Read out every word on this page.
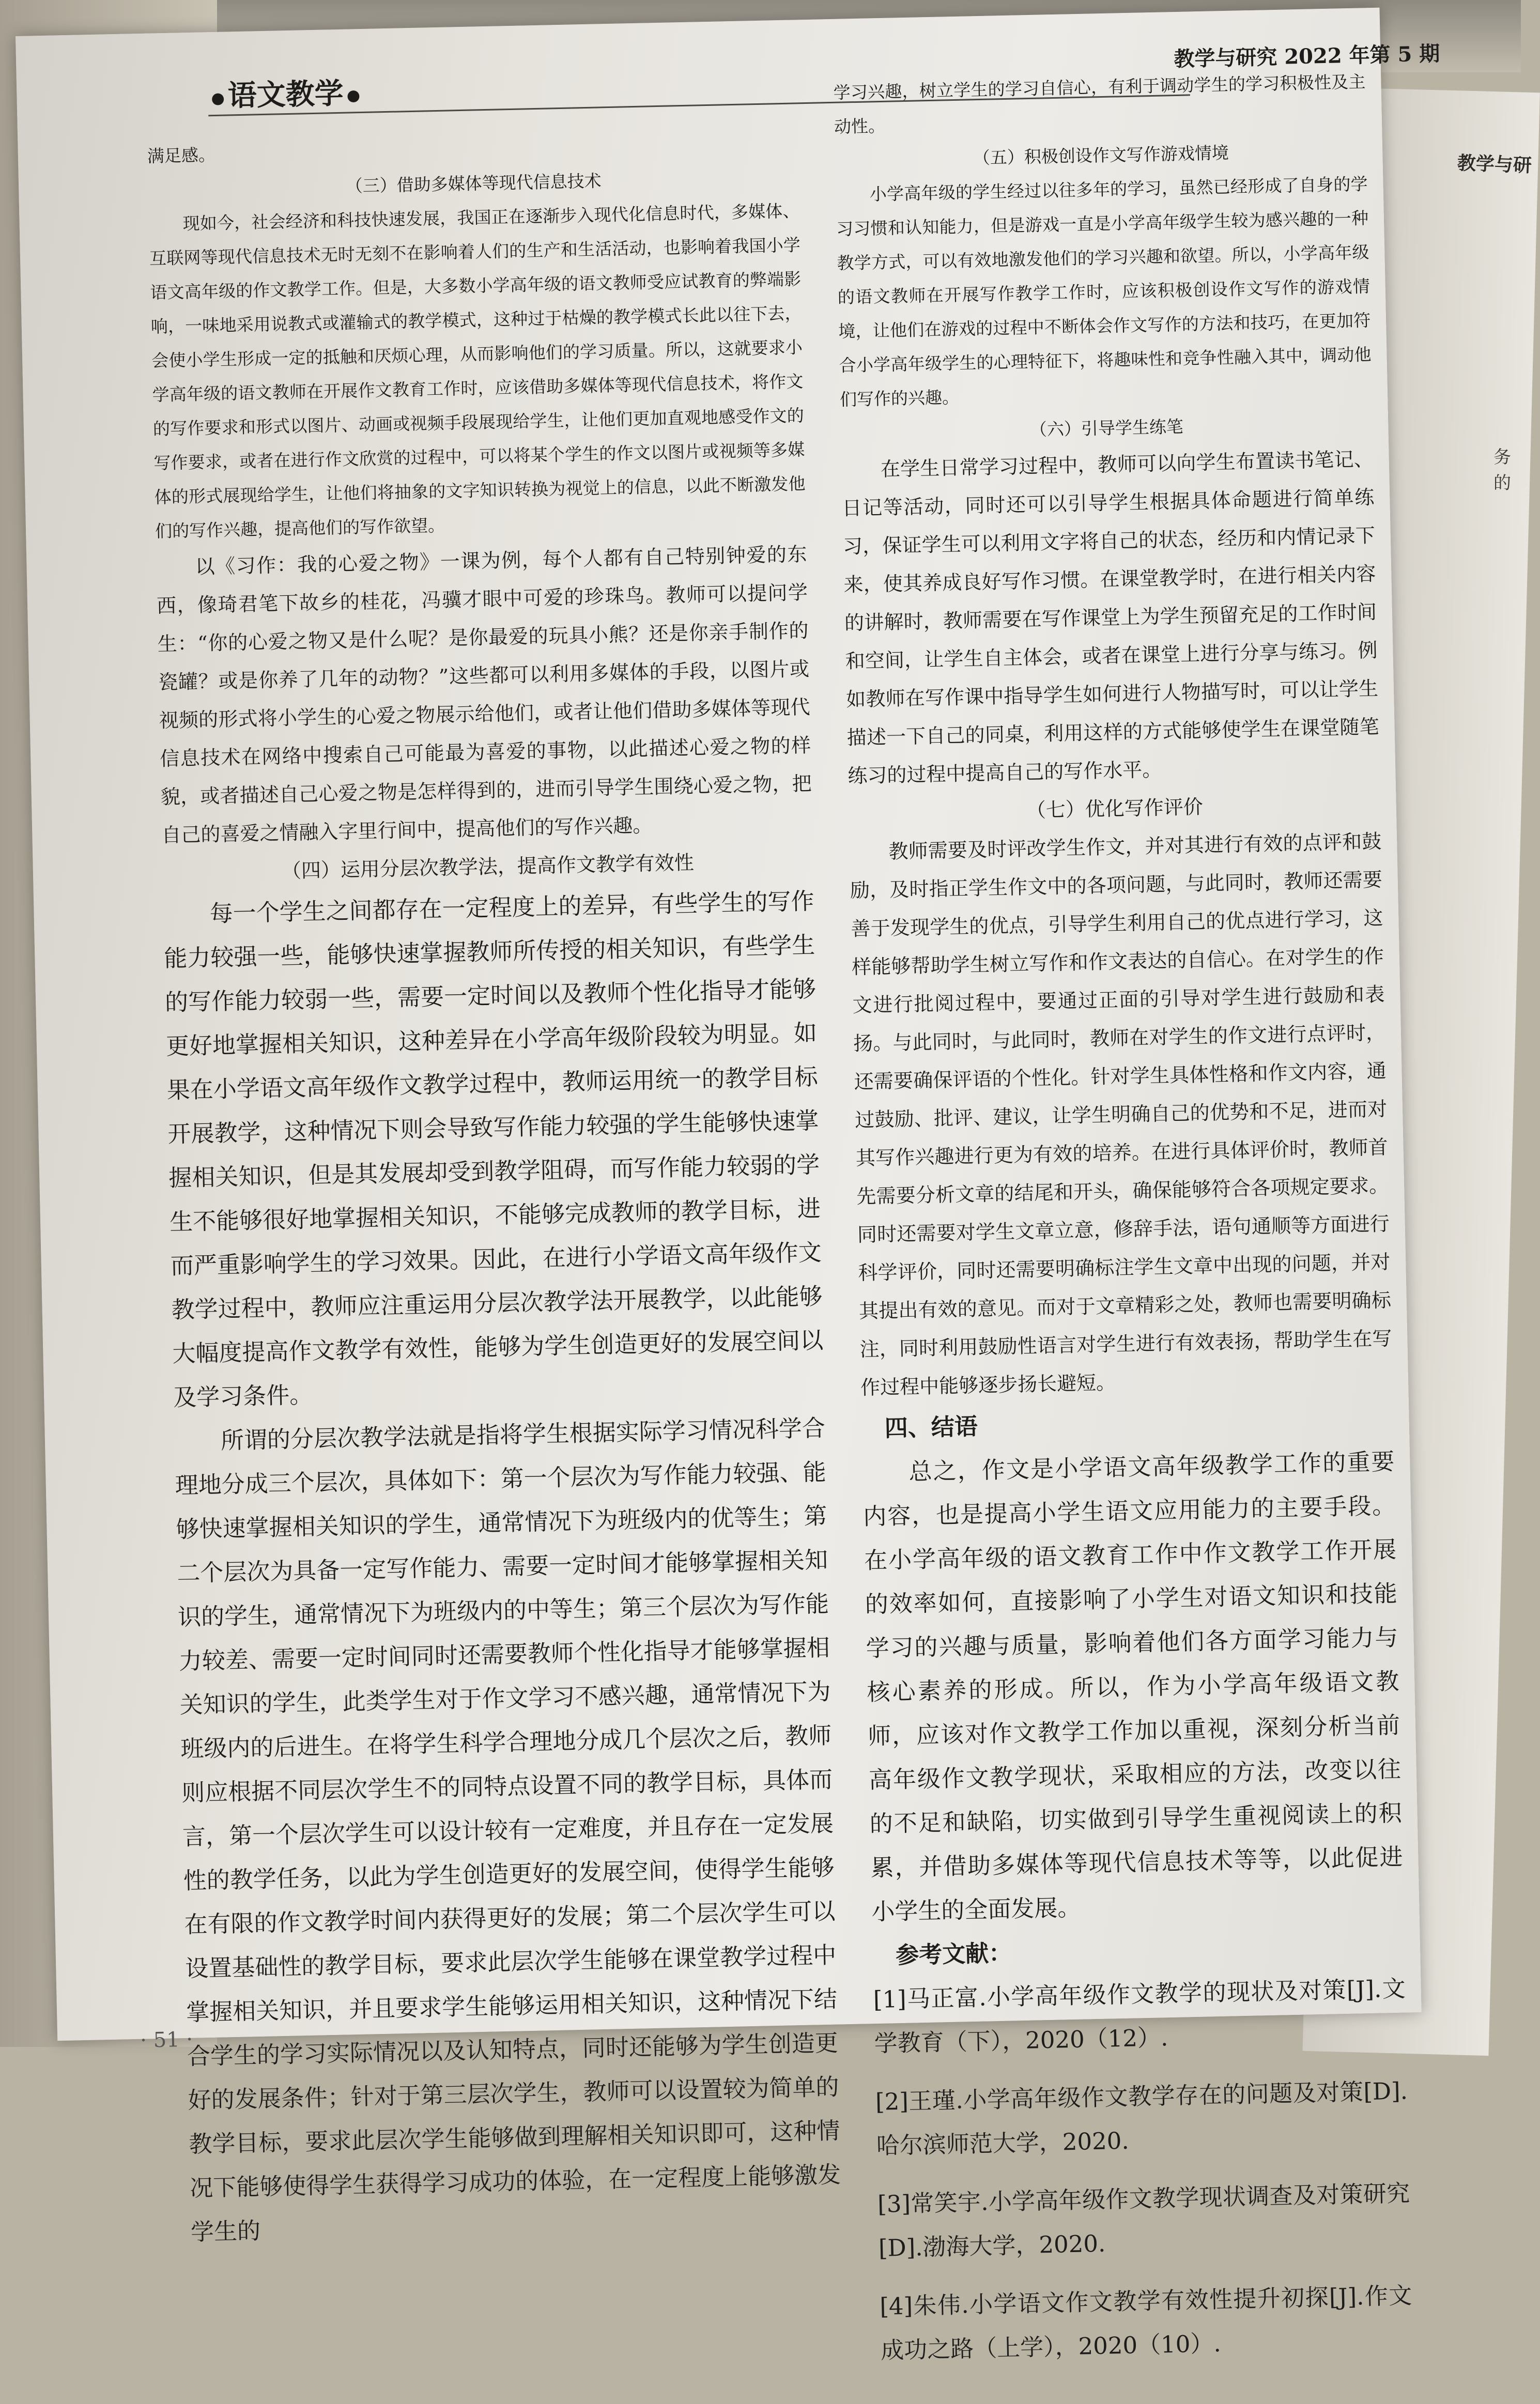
教学与研
务 的
●语文教学 ●
教学与研究 2022 年第 5 期

满足感。

（三）借助多媒体等现代信息技术

现如今，社会经济和科技快速发展，我国正在逐渐步入现代化信息时代，多媒体、互联网等现代信息技术无时无刻不在影响着人们的生产和生活活动，也影响着我国小学语文高年级的作文教学工作。但是，大多数小学高年级的语文教师受应试教育的弊端影响，一味地采用说教式或灌输式的教学模式，这种过于枯燥的教学模式长此以往下去，会使小学生形成一定的抵触和厌烦心理，从而影响他们的学习质量。所以，这就要求小学高年级的语文教师在开展作文教育工作时，应该借助多媒体等现代信息技术，将作文的写作要求和形式以图片、动画或视频手段展现给学生，让他们更加直观地感受作文的写作要求，或者在进行作文欣赏的过程中，可以将某个学生的作文以图片或视频等多媒体的形式展现给学生，让他们将抽象的文字知识转换为视觉上的信息，以此不断激发他们的写作兴趣，提高他们的写作欲望。

以《习作：我的心爱之物》一课为例，每个人都有自己特别钟爱的东西，像琦君笔下故乡的桂花，冯骥才眼中可爱的珍珠鸟。教师可以提问学生：“你的心爱之物又是什么呢？是你最爱的玩具小熊？还是你亲手制作的瓷罐？或是你养了几年的动物？”这些都可以利用多媒体的手段，以图片或视频的形式将小学生的心爱之物展示给他们，或者让他们借助多媒体等现代信息技术在网络中搜索自己可能最为喜爱的事物，以此描述心爱之物的样貌，或者描述自己心爱之物是怎样得到的，进而引导学生围绕心爱之物，把自己的喜爱之情融入字里行间中，提高他们的写作兴趣。

（四）运用分层次教学法，提高作文教学有效性

每一个学生之间都存在一定程度上的差异，有些学生的写作能力较强一些，能够快速掌握教师所传授的相关知识，有些学生的写作能力较弱一些，需要一定时间以及教师个性化指导才能够更好地掌握相关知识，这种差异在小学高年级阶段较为明显。如果在小学语文高年级作文教学过程中，教师运用统一的教学目标开展教学，这种情况下则会导致写作能力较强的学生能够快速掌握相关知识，但是其发展却受到教学阻碍，而写作能力较弱的学生不能够很好地掌握相关知识，不能够完成教师的教学目标，进而严重影响学生的学习效果。因此，在进行小学语文高年级作文教学过程中，教师应注重运用分层次教学法开展教学，以此能够大幅度提高作文教学有效性，能够为学生创造更好的发展空间以及学习条件。

所谓的分层次教学法就是指将学生根据实际学习情况科学合理地分成三个层次，具体如下：第一个层次为写作能力较强、能够快速掌握相关知识的学生，通常情况下为班级内的优等生；第二个层次为具备一定写作能力、需要一定时间才能够掌握相关知识的学生，通常情况下为班级内的中等生；第三个层次为写作能力较差、需要一定时间同时还需要教师个性化指导才能够掌握相关知识的学生，此类学生对于作文学习不感兴趣，通常情况下为班级内的后进生。在将学生科学合理地分成几个层次之后，教师则应根据不同层次学生不的同特点设置不同的教学目标，具体而言，第一个层次学生可以设计较有一定难度，并且存在一定发展性的教学任务，以此为学生创造更好的发展空间，使得学生能够在有限的作文教学时间内获得更好的发展；第二个层次学生可以设置基础性的教学目标，要求此层次学生能够在课堂教学过程中掌握相关知识，并且要求学生能够运用相关知识，这种情况下结合学生的学习实际情况以及认知特点，同时还能够为学生创造更好的发展条件；针对于第三层次学生，教师可以设置较为简单的教学目标，要求此层次学生能够做到理解相关知识即可，这种情况下能够使得学生获得学习成功的体验，在一定程度上能够激发学生的

学习兴趣，树立学生的学习自信心，有利于调动学生的学习积极性及主动性。

（五）积极创设作文写作游戏情境

小学高年级的学生经过以往多年的学习，虽然已经形成了自身的学习习惯和认知能力，但是游戏一直是小学高年级学生较为感兴趣的一种教学方式，可以有效地激发他们的学习兴趣和欲望。所以，小学高年级的语文教师在开展写作教学工作时，应该积极创设作文写作的游戏情境，让他们在游戏的过程中不断体会作文写作的方法和技巧，在更加符合小学高年级学生的心理特征下，将趣味性和竞争性融入其中，调动他们写作的兴趣。

（六）引导学生练笔

在学生日常学习过程中，教师可以向学生布置读书笔记、日记等活动，同时还可以引导学生根据具体命题进行简单练习，保证学生可以利用文字将自己的状态，经历和内情记录下来，使其养成良好写作习惯。在课堂教学时，在进行相关内容的讲解时，教师需要在写作课堂上为学生预留充足的工作时间和空间，让学生自主体会，或者在课堂上进行分享与练习。例如教师在写作课中指导学生如何进行人物描写时，可以让学生描述一下自己的同桌，利用这样的方式能够使学生在课堂随笔练习的过程中提高自己的写作水平。

（七）优化写作评价

教师需要及时评改学生作文，并对其进行有效的点评和鼓励，及时指正学生作文中的各项问题，与此同时，教师还需要善于发现学生的优点，引导学生利用自己的优点进行学习，这样能够帮助学生树立写作和作文表达的自信心。在对学生的作文进行批阅过程中，要通过正面的引导对学生进行鼓励和表扬。与此同时，与此同时，教师在对学生的作文进行点评时，还需要确保评语的个性化。针对学生具体性格和作文内容，通过鼓励、批评、建议，让学生明确自己的优势和不足，进而对其写作兴趣进行更为有效的培养。在进行具体评价时，教师首先需要分析文章的结尾和开头，确保能够符合各项规定要求。同时还需要对学生文章立意，修辞手法，语句通顺等方面进行科学评价，同时还需要明确标注学生文章中出现的问题，并对其提出有效的意见。而对于文章精彩之处，教师也需要明确标注，同时利用鼓励性语言对学生进行有效表扬，帮助学生在写作过程中能够逐步扬长避短。

四、结语

总之，作文是小学语文高年级教学工作的重要内容，也是提高小学生语文应用能力的主要手段。在小学高年级的语文教育工作中作文教学工作开展的效率如何，直接影响了小学生对语文知识和技能学习的兴趣与质量，影响着他们各方面学习能力与核心素养的形成。所以，作为小学高年级语文教师，应该对作文教学工作加以重视，深刻分析当前高年级作文教学现状，采取相应的方法，改变以往的不足和缺陷，切实做到引导学生重视阅读上的积累，并借助多媒体等现代信息技术等等，以此促进小学生的全面发展。

参考文献：

[1]马正富.小学高年级作文教学的现状及对策[J].文学教育（下），2020（12）.

[2]王瑾.小学高年级作文教学存在的问题及对策[D].哈尔滨师范大学，2020.

[3]常笑宇.小学高年级作文教学现状调查及对策研究[D].渤海大学，2020.

[4]朱伟.小学语文作文教学有效性提升初探[J].作文成功之路（上学），2020（10）.

· 51 ·
